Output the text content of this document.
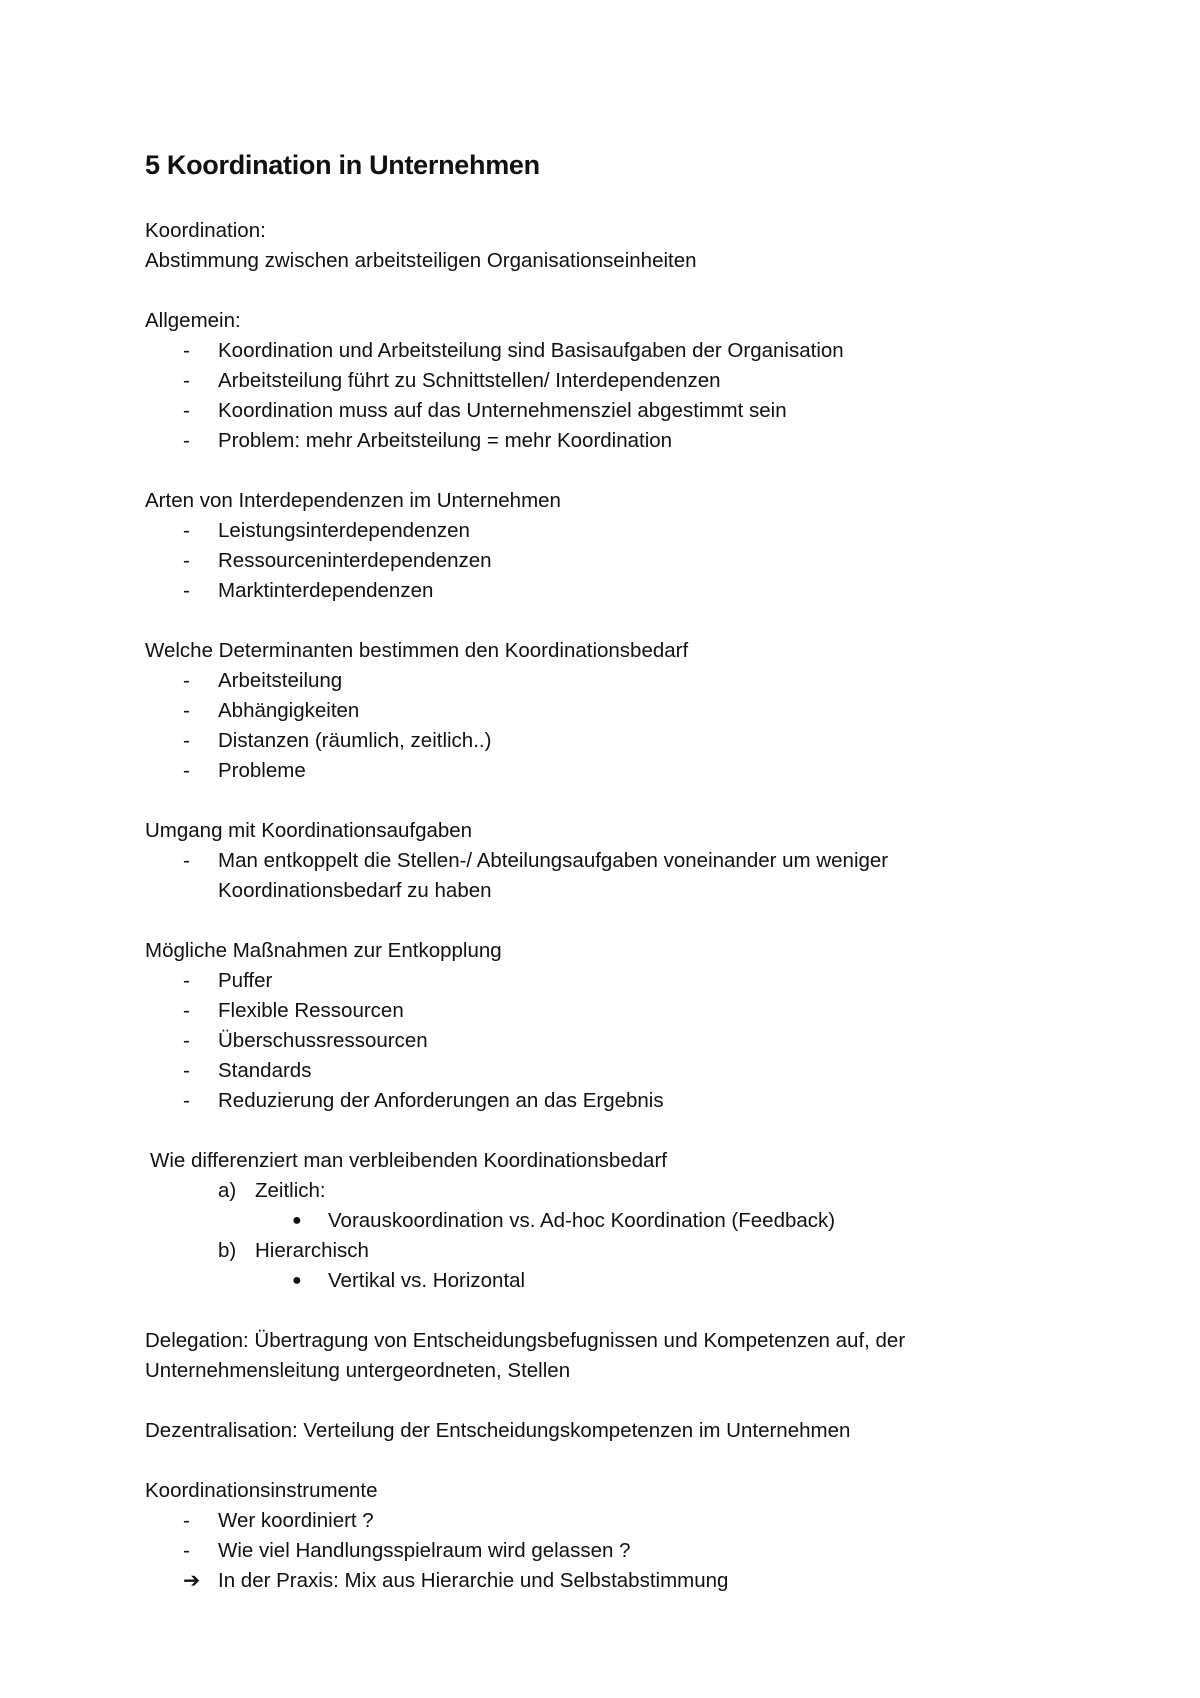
5 Koordination in Unternehmen
Koordination:
Abstimmung zwischen arbeitsteiligen Organisationseinheiten
Allgemein:
- Koordination und Arbeitsteilung sind Basisaufgaben der Organisation
- Arbeitsteilung führt zu Schnittstellen/ Interdependenzen
- Koordination muss auf das Unternehmensziel abgestimmt sein
- Problem: mehr Arbeitsteilung = mehr Koordination
Arten von Interdependenzen im Unternehmen
- Leistungsinterdependenzen
- Ressourceninterdependenzen
- Marktinterdependenzen
Welche Determinanten bestimmen den Koordinationsbedarf
- Arbeitsteilung
- Abhängigkeiten
- Distanzen (räumlich, zeitlich..)
- Probleme
Umgang mit Koordinationsaufgaben
- Man entkoppelt die Stellen-/ Abteilungsaufgaben voneinander um weniger Koordinationsbedarf zu haben
Mögliche Maßnahmen zur Entkopplung
- Puffer
- Flexible Ressourcen
- Überschussressourcen
- Standards
- Reduzierung der Anforderungen an das Ergebnis
Wie differenziert man verbleibenden Koordinationsbedarf
a) Zeitlich:
● Vorauskoordination vs. Ad-hoc Koordination (Feedback)
b) Hierarchisch
● Vertikal vs. Horizontal
Delegation: Übertragung von Entscheidungsbefugnissen und Kompetenzen auf, der Unternehmensleitung untergeordneten, Stellen
Dezentralisation: Verteilung der Entscheidungskompetenzen im Unternehmen
Koordinationsinstrumente
- Wer koordiniert ?
- Wie viel Handlungsspielraum wird gelassen ?
➔ In der Praxis: Mix aus Hierarchie und Selbstabstimmung
